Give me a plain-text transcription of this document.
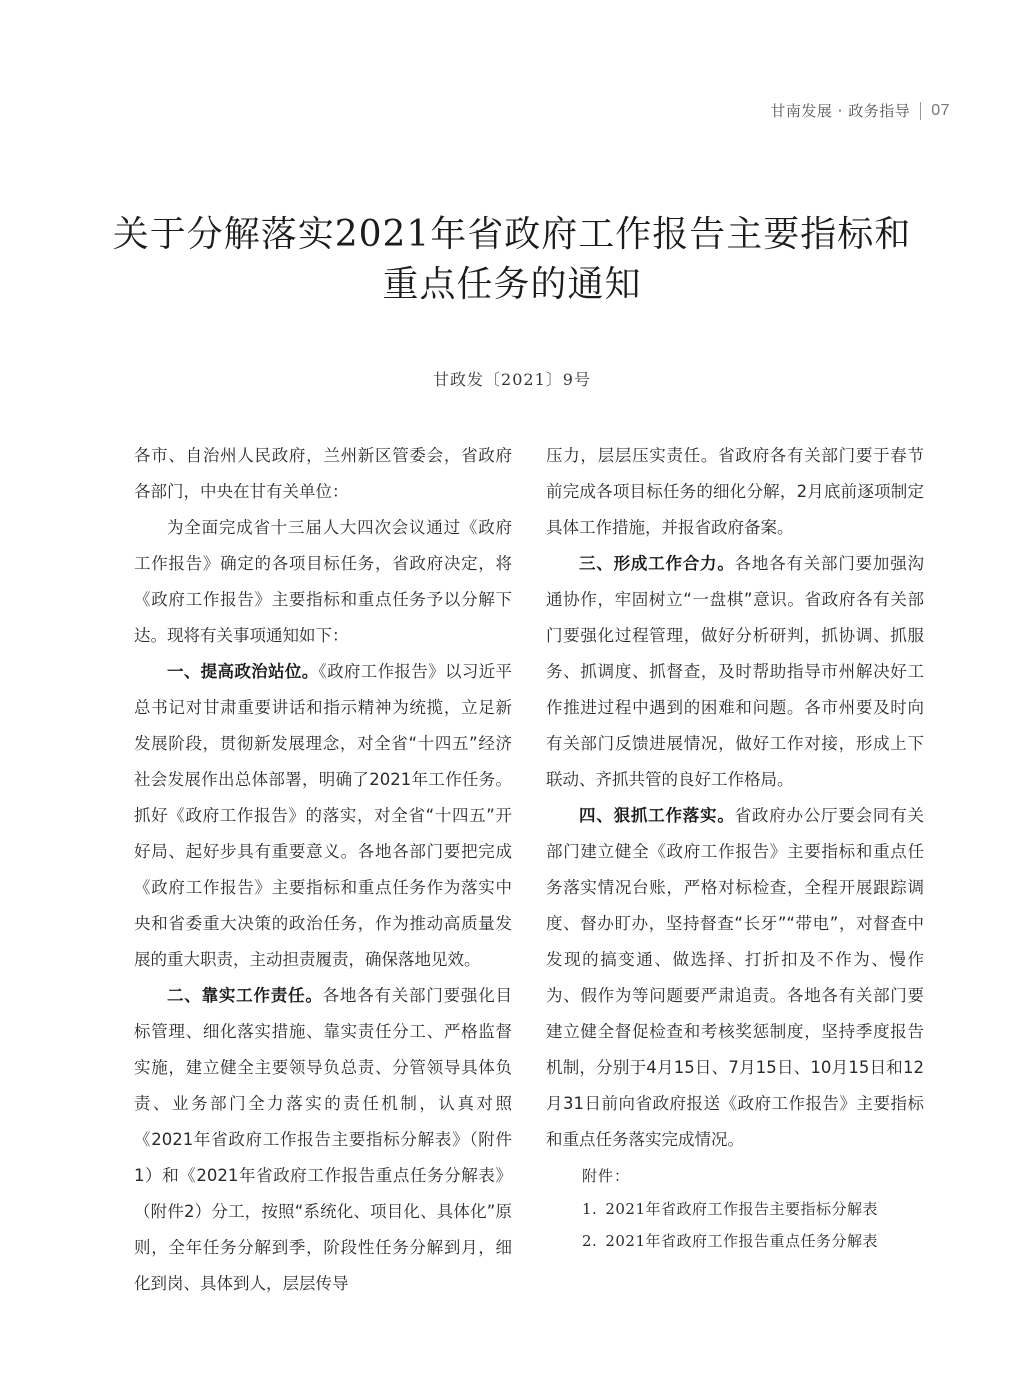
甘南发展 · 政务指导 07
关于分解落实2021年省政府工作报告主要指标和
重点任务的通知
甘政发〔2021〕9号

各市、自治州人民政府，兰州新区管委会，省政府各部门，中央在甘有关单位：

为全面完成省十三届人大四次会议通过《政府工作报告》确定的各项目标任务，省政府决定，将《政府工作报告》主要指标和重点任务予以分解下达。现将有关事项通知如下：

一、提高政治站位。《政府工作报告》以习近平总书记对甘肃重要讲话和指示精神为统揽，立足新发展阶段，贯彻新发展理念，对全省“十四五”经济社会发展作出总体部署，明确了2021年工作任务。抓好《政府工作报告》的落实，对全省“十四五”开好局、起好步具有重要意义。各地各部门要把完成《政府工作报告》主要指标和重点任务作为落实中央和省委重大决策的政治任务，作为推动高质量发展的重大职责，主动担责履责，确保落地见效。

二、靠实工作责任。各地各有关部门要强化目标管理、细化落实措施、靠实责任分工、严格监督实施，建立健全主要领导负总责、分管领导具体负责、业务部门全力落实的责任机制，认真对照《2021年省政府工作报告主要指标分解表》（附件1）和《2021年省政府工作报告重点任务分解表》（附件2）分工，按照“系统化、项目化、具体化”原则，全年任务分解到季，阶段性任务分解到月，细化到岗、具体到人，层层传导

压力，层层压实责任。省政府各有关部门要于春节前完成各项目标任务的细化分解，2月底前逐项制定具体工作措施，并报省政府备案。

三、形成工作合力。各地各有关部门要加强沟通协作，牢固树立“一盘棋”意识。省政府各有关部门要强化过程管理，做好分析研判，抓协调、抓服务、抓调度、抓督查，及时帮助指导市州解决好工作推进过程中遇到的困难和问题。各市州要及时向有关部门反馈进展情况，做好工作对接，形成上下联动、齐抓共管的良好工作格局。

四、狠抓工作落实。省政府办公厅要会同有关部门建立健全《政府工作报告》主要指标和重点任务落实情况台账，严格对标检查，全程开展跟踪调度、督办盯办，坚持督查“长牙”“带电”，对督查中发现的搞变通、做选择、打折扣及不作为、慢作为、假作为等问题要严肃追责。各地各有关部门要建立健全督促检查和考核奖惩制度，坚持季度报告机制，分别于4月15日、7月15日、10月15日和12月31日前向省政府报送《政府工作报告》主要指标和重点任务落实完成情况。

附件：

1. 2021年省政府工作报告主要指标分解表
2. 2021年省政府工作报告重点任务分解表
